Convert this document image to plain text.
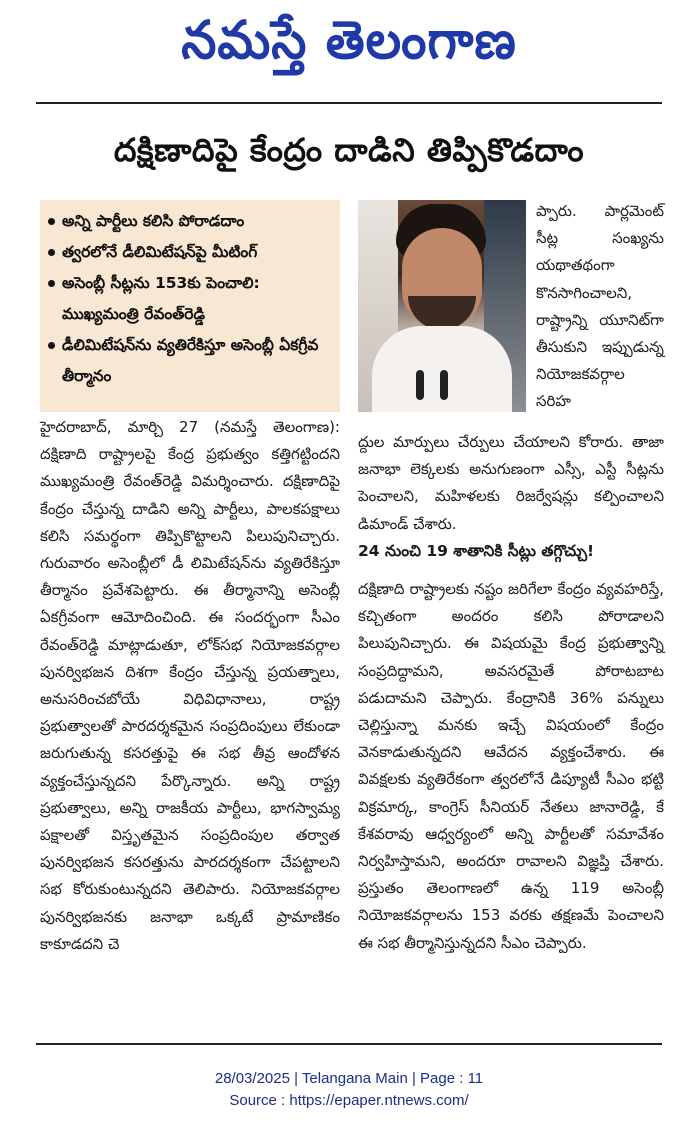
నమస్తే తెలంగాణ
దక్షిణాదిపై కేంద్రం దాడిని తిప్పికొడదాం
అన్ని పార్టీలు కలిసి పోరాడదాం
త్వరలోనే డీలిమిటేషన్‌పై మీటింగ్
అసెంబ్లీ సీట్లను 153కు పెంచాలి: ముఖ్యమంత్రి రేవంత్‌రెడ్డి
డీలిమిటేషన్‌ను వ్యతిరేకిస్తూ అసెంబ్లీ ఏకగ్రీవ తీర్మానం

ప్పారు. పార్లమెంట్ సీట్ల సంఖ్యను యథాతథంగా కొనసాగించాలని, రాష్ట్రాన్ని యూనిట్‌గా తీసుకుని ఇప్పుడున్న నియోజకవర్గాల సరిహ

హైదరాబాద్, మార్చి 27 (నమస్తే తెలంగాణ): దక్షిణాది రాష్ట్రాలపై కేంద్ర ప్రభుత్వం కత్తిగట్టిందని ముఖ్యమంత్రి రేవంత్‌రెడ్డి విమర్శించారు. దక్షిణాదిపై కేంద్రం చేస్తున్న దాడిని అన్ని పార్టీలు, పాలకపక్షాలు కలిసి సమర్థంగా తిప్పికొట్టాలని పిలుపునిచ్చారు. గురువారం అసెంబ్లీలో డీ లిమిటేషన్‌ను వ్యతిరేకిస్తూ తీర్మానం ప్రవేశపెట్టారు. ఈ తీర్మానాన్ని అసెంబ్లీ ఏకగ్రీవంగా ఆమోదించింది. ఈ సందర్భంగా సీఎం రేవంత్‌రెడ్డి మాట్లాడుతూ, లోక్‌సభ నియోజకవర్గాల పునర్విభజన దిశగా కేంద్రం చేస్తున్న ప్రయత్నాలు, అనుసరించబోయే విధివిధానాలు, రాష్ట్ర ప్రభుత్వాలతో పారదర్శకమైన సంప్రదింపులు లేకుండా జరుగుతున్న కసరత్తుపై ఈ సభ తీవ్ర ఆందోళన వ్యక్తంచేస్తున్నదని పేర్కొన్నారు. అన్ని రాష్ట్ర ప్రభుత్వాలు, అన్ని రాజకీయ పార్టీలు, భాగస్వామ్య పక్షాలతో విస్తృతమైన సంప్రదింపుల తర్వాత పునర్విభజన కసరత్తును పారదర్శకంగా చేపట్టాలని సభ కోరుకుంటున్నదని తెలిపారు. నియోజకవర్గాల పునర్విభజనకు జనాభా ఒక్కటే ప్రామాణికం కాకూడదని చె

ద్దుల మార్పులు చేర్పులు చేయాలని కోరారు. తాజా జనాభా లెక్కలకు అనుగుణంగా ఎస్సీ, ఎస్టీ సీట్లను పెంచాలని, మహిళలకు రిజర్వేషన్లు కల్పించాలని డిమాండ్ చేశారు.

24 నుంచి 19 శాతానికి సీట్లు తగ్గొచ్చు!

దక్షిణాది రాష్ట్రాలకు నష్టం జరిగేలా కేంద్రం వ్యవహరిస్తే, కచ్చితంగా అందరం కలిసి పోరాడాలని పిలుపునిచ్చారు. ఈ విషయమై కేంద్ర ప్రభుత్వాన్ని సంప్రదిద్దామని, అవసరమైతే పోరాటబాట పడుదామని చెప్పారు. కేంద్రానికి 36% పన్నులు చెల్లిస్తున్నా మనకు ఇచ్చే విషయంలో కేంద్రం వెనకాడుతున్నదని ఆవేదన వ్యక్తంచేశారు. ఈ వివక్షలకు వ్యతిరేకంగా త్వరలోనే డిప్యూటీ సీఎం భట్టి విక్రమార్క, కాంగ్రెస్ సీనియర్ నేతలు జానారెడ్డి, కే కేశవరావు ఆధ్వర్యంలో అన్ని పార్టీలతో సమావేశం నిర్వహిస్తామని, అందరూ రావాలని విజ్ఞప్తి చేశారు. ప్రస్తుతం తెలంగాణలో ఉన్న 119 అసెంబ్లీ నియోజకవర్గాలను 153 వరకు తక్షణమే పెంచాలని ఈ సభ తీర్మానిస్తున్నదని సీఎం చెప్పారు.

28/03/2025 | Telangana Main | Page : 11
Source : https://epaper.ntnews.com/
